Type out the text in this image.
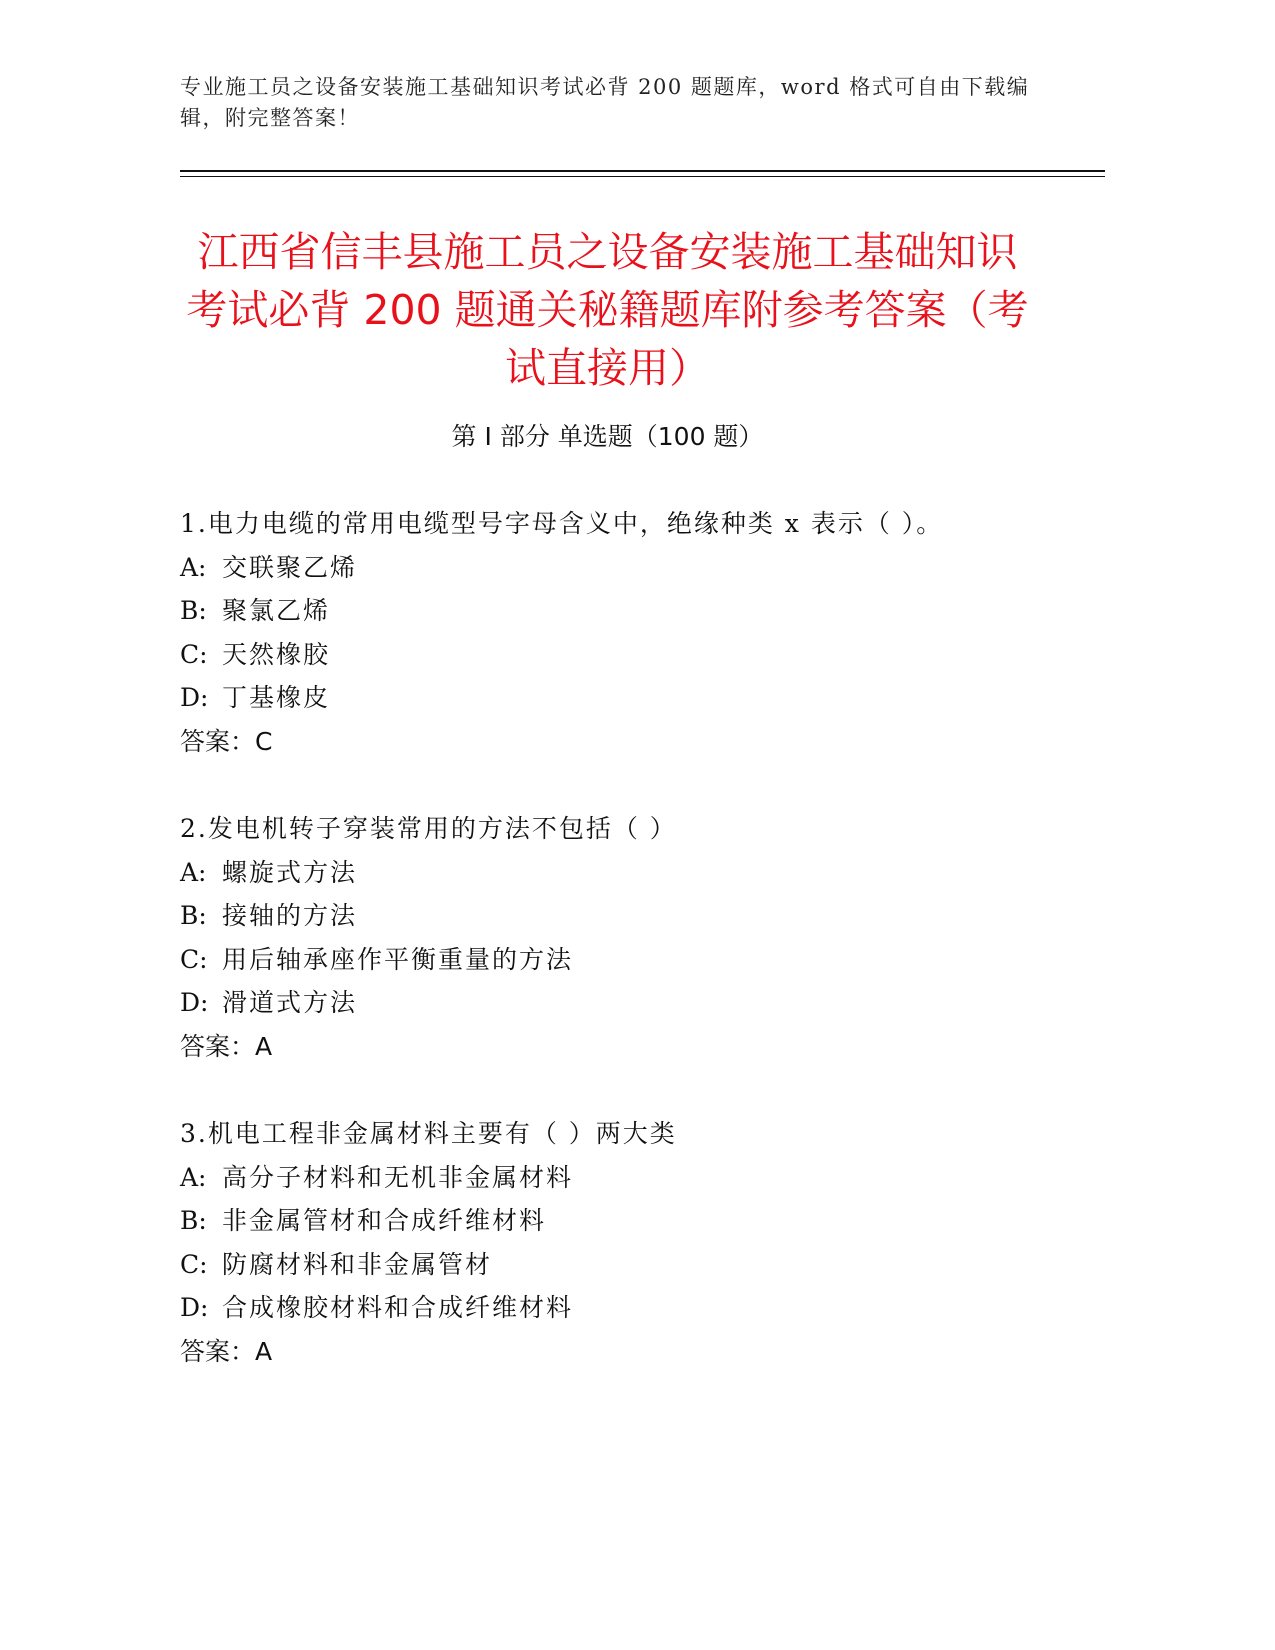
专业施工员之设备安装施工基础知识考试必背 200 题题库，word 格式可自由下载编辑，附完整答案！
江西省信丰县施工员之设备安装施工基础知识考试必背 200 题通关秘籍题库附参考答案（考试直接用）
第 I 部分 单选题（100 题）
1.电力电缆的常用电缆型号字母含义中，绝缘种类 x 表示（ ）。
A: 交联聚乙烯
B: 聚氯乙烯
C: 天然橡胶
D: 丁基橡皮
答案：C
2.发电机转子穿装常用的方法不包括（ ）
A: 螺旋式方法
B: 接轴的方法
C: 用后轴承座作平衡重量的方法
D: 滑道式方法
答案：A
3.机电工程非金属材料主要有（ ）两大类
A: 高分子材料和无机非金属材料
B: 非金属管材和合成纤维材料
C: 防腐材料和非金属管材
D: 合成橡胶材料和合成纤维材料
答案：A
